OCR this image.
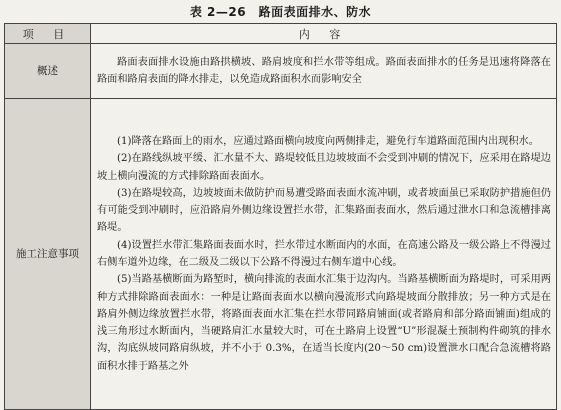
表 2—26　路面表面排水、防水
项 目	内 容
概述	路面表面排水设施由路拱横坡、路肩坡度和拦水带等组成。路面表面排水的任务是迅速将降落在路面和路肩表面的降水排走，以免造成路面积水而影响安全

施工注意事项	(1)降落在路面上的雨水，应通过路面横向坡度向两侧排走，避免行车道路面范围内出现积水。

(2)在路线纵坡平缓、汇水量不大、路堤较低且边坡坡面不会受到冲刷的情况下，应采用在路堤边坡上横向漫流的方式排除路面表面水。

(3)在路堤较高，边坡坡面未做防护而易遭受路面表面水流冲刷，或者坡面虽已采取防护措施但仍有可能受到冲刷时，应沿路肩外侧边缘设置拦水带，汇集路面表面水，然后通过泄水口和急流槽排离路堤。

(4)设置拦水带汇集路面表面水时，拦水带过水断面内的水面，在高速公路及一级公路上不得漫过右侧车道外边缘，在二级及二级以下公路不得漫过右侧车道中心线。

(5)当路基横断面为路堑时，横向排流的表面水汇集于边沟内。当路基横断面为路堤时，可采用两种方式排除路面表面水：一种是让路面表面水以横向漫流形式向路堤坡面分散排放；另一种方式是在路肩外侧边缘放置拦水带，将路面表面水汇集在拦水带同路肩铺面(或者路肩和部分路面铺面)组成的浅三角形过水断面内，当硬路肩汇水量较大时，可在土路肩上设置“U”形混凝土预制构件砌筑的排水沟，沟底纵坡同路肩纵坡，并不小于 0.3%，在适当长度内(20～50 cm)设置泄水口配合急流槽将路面积水排于路基之外
